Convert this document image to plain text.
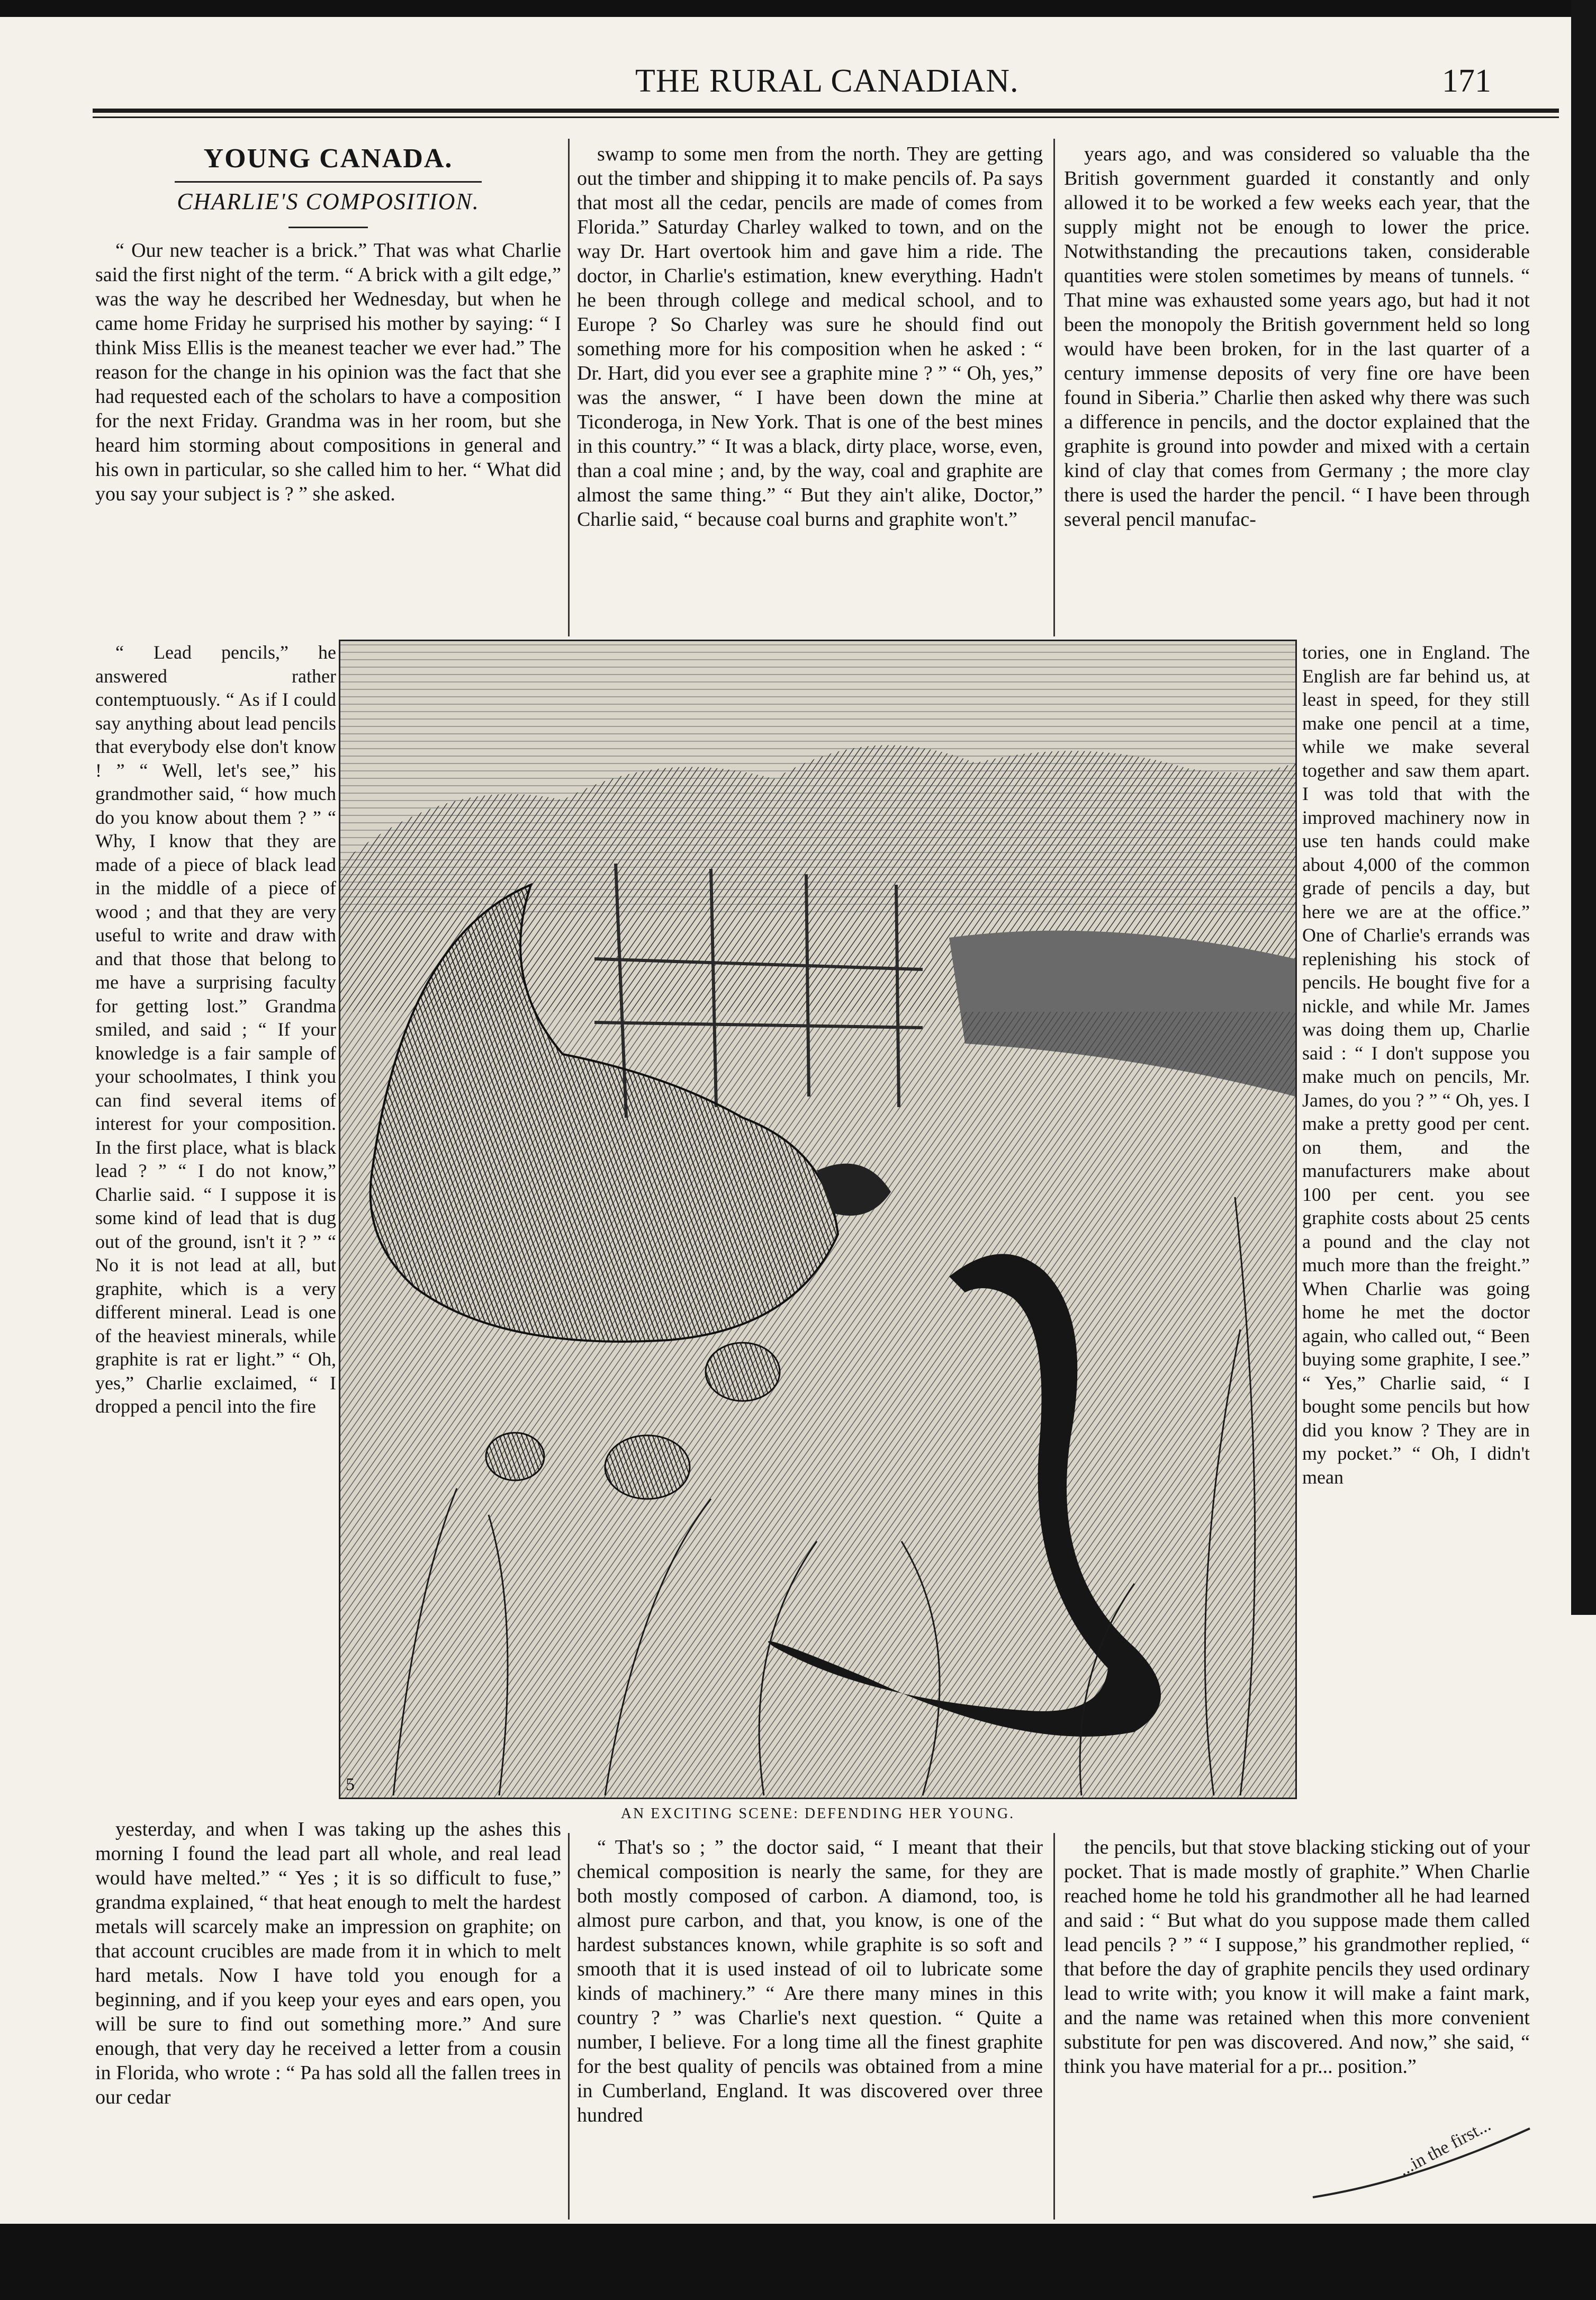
THE RURAL CANADIAN.	171
YOUNG CANADA.
CHARLIE'S COMPOSITION.

“ Our new teacher is a brick.” That was what Charlie said the first night of the term. “ A brick with a gilt edge,” was the way he described her Wednesday, but when he came home Friday he surprised his mother by saying: “ I think Miss Ellis is the meanest teacher we ever had.” The reason for the change in his opinion was the fact that she had requested each of the scholars to have a composition for the next Friday. Grandma was in her room, but she heard him storming about compositions in general and his own in particular, so she called him to her. “ What did you say your subject is ? ” she asked.

“ Lead pencils,” he answered rather contemptuously. “ As if I could say anything about lead pencils that everybody else don't know ! ” “ Well, let's see,” his grandmother said, “ how much do you know about them ? ” “ Why, I know that they are made of a piece of black lead in the middle of a piece of wood ; and that they are very useful to write and draw with and that those that belong to me have a surprising faculty for getting lost.” Grandma smiled, and said ; “ If your knowledge is a fair sample of your schoolmates, I think you can find several items of interest for your composition. In the first place, what is black lead ? ” “ I do not know,” Charlie said. “ I suppose it is some kind of lead that is dug out of the ground, isn't it ? ” “ No it is not lead at all, but graphite, which is a very different mineral. Lead is one of the heaviest minerals, while graphite is rat er light.” “ Oh, yes,” Charlie exclaimed, “ I dropped a pencil into the fire

yesterday, and when I was taking up the ashes this morning I found the lead part all whole, and real lead would have melted.” “ Yes ; it is so difficult to fuse,” grandma explained, “ that heat enough to melt the hardest metals will scarcely make an impression on graphite; on that account crucibles are made from it in which to melt hard metals. Now I have told you enough for a beginning, and if you keep your eyes and ears open, you will be sure to find out something more.” And sure enough, that very day he received a letter from a cousin in Florida, who wrote : “ Pa has sold all the fallen trees in our cedar

swamp to some men from the north. They are getting out the timber and shipping it to make pencils of. Pa says that most all the cedar, pencils are made of comes from Florida.” Saturday Charley walked to town, and on the way Dr. Hart overtook him and gave him a ride. The doctor, in Charlie's estimation, knew everything. Hadn't he been through college and medical school, and to Europe ? So Charley was sure he should find out something more for his composition when he asked : “ Dr. Hart, did you ever see a graphite mine ? ” “ Oh, yes,” was the answer, “ I have been down the mine at Ticonderoga, in New York. That is one of the best mines in this country.” “ It was a black, dirty place, worse, even, than a coal mine ; and, by the way, coal and graphite are almost the same thing.” “ But they ain't alike, Doctor,” Charlie said, “ because coal burns and graphite won't.”

“ That's so ; ” the doctor said, “ I meant that their chemical composition is nearly the same, for they are both mostly composed of carbon. A diamond, too, is almost pure carbon, and that, you know, is one of the hardest substances known, while graphite is so soft and smooth that it is used instead of oil to lubricate some kinds of machinery.” “ Are there many mines in this country ? ” was Charlie's next question. “ Quite a number, I believe. For a long time all the finest graphite for the best quality of pencils was obtained from a mine in Cumberland, England. It was discovered over three hundred

years ago, and was considered so valuable tha the British government guarded it constantly and only allowed it to be worked a few weeks each year, that the supply might not be enough to lower the price. Notwithstanding the precautions taken, considerable quantities were stolen sometimes by means of tunnels. “ That mine was exhausted some years ago, but had it not been the monopoly the British government held so long would have been broken, for in the last quarter of a century immense deposits of very fine ore have been found in Siberia.” Charlie then asked why there was such a difference in pencils, and the doctor explained that the graphite is ground into powder and mixed with a certain kind of clay that comes from Germany ; the more clay there is used the harder the pencil. “ I have been through several pencil manufac-

tories, one in England. The English are far behind us, at least in speed, for they still make one pencil at a time, while we make several together and saw them apart. I was told that with the improved machinery now in use ten hands could make about 4,000 of the common grade of pencils a day, but here we are at the office.” One of Charlie's errands was replenishing his stock of pencils. He bought five for a nickle, and while Mr. James was doing them up, Charlie said : “ I don't suppose you make much on pencils, Mr. James, do you ? ” “ Oh, yes. I make a pretty good per cent. on them, and the manufacturers make about 100 per cent. you see graphite costs about 25 cents a pound and the clay not much more than the freight.” When Charlie was going home he met the doctor again, who called out, “ Been buying some graphite, I see.” “ Yes,” Charlie said, “ I bought some pencils but how did you know ? They are in my pocket.” “ Oh, I didn't mean

the pencils, but that stove blacking sticking out of your pocket. That is made mostly of graphite.” When Charlie reached home he told his grandmother all he had learned and said : “ But what do you suppose made them called lead pencils ? ” “ I suppose,” his grandmother replied, “ that before the day of graphite pencils they used ordinary lead to write with; you know it will make a faint mark, and the name was retained when this more convenient substitute for pen was discovered. And now,” she said, “ think you have material for a pr... position.”

5
AN EXCITING SCENE: DEFENDING HER YOUNG.
...in the first...
